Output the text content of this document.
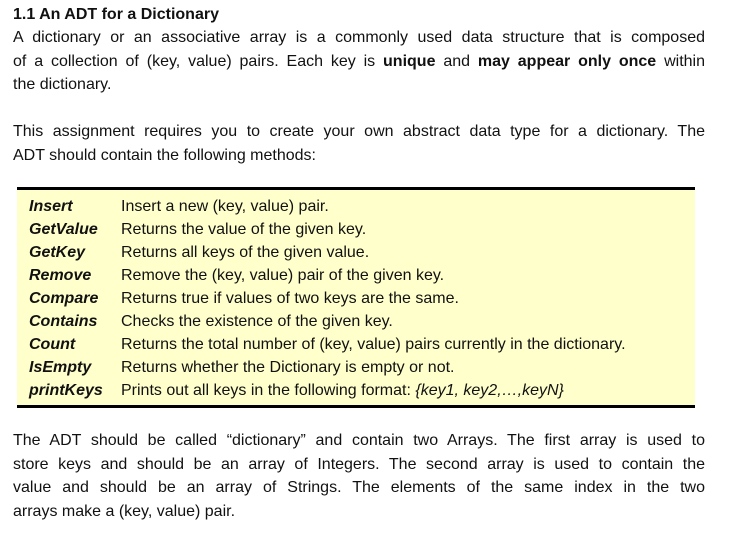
1.1 An ADT for a Dictionary
A dictionary or an associative array is a commonly used data structure that is composed
of a collection of (key, value) pairs. Each key is unique and may appear only once within
the dictionary.
This assignment requires you to create your own abstract data type for a dictionary. The
ADT should contain the following methods:
Insert	Insert a new (key, value) pair.
GetValue	Returns the value of the given key.
GetKey	Returns all keys of the given value.
Remove	Remove the (key, value) pair of the given key.
Compare	Returns true if values of two keys are the same.
Contains	Checks the existence of the given key.
Count	Returns the total number of (key, value) pairs currently in the dictionary.
IsEmpty	Returns whether the Dictionary is empty or not.
printKeys	Prints out all keys in the following format: {key1, key2,…,keyN}
The ADT should be called “dictionary” and contain two Arrays. The first array is used to
store keys and should be an array of Integers. The second array is used to contain the
value and should be an array of Strings. The elements of the same index in the two
arrays make a (key, value) pair.
